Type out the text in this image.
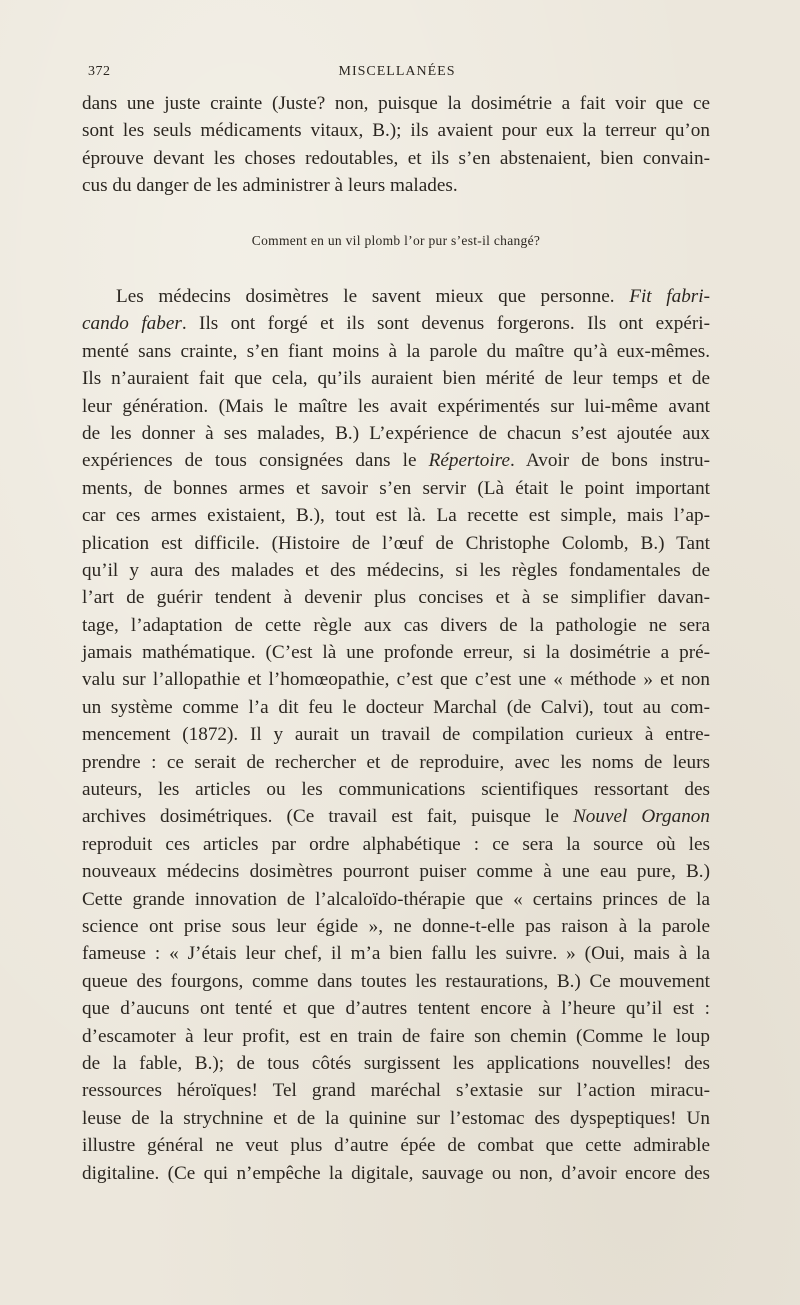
372	MISCELLANÉES
dans une juste crainte (Juste? non, puisque la dosimétrie a fait voir que ce
sont les seuls médicaments vitaux, B.); ils avaient pour eux la terreur qu’on
éprouve devant les choses redoutables, et ils s’en abstenaient, bien convain-
cus du danger de les administrer à leurs malades.
Comment en un vil plomb l’or pur s’est-il changé?
Les médecins dosimètres le savent mieux que personne. Fit fabri-
cando faber. Ils ont forgé et ils sont devenus forgerons. Ils ont expéri-
menté sans crainte, s’en fiant moins à la parole du maître qu’à eux-mêmes.
Ils n’auraient fait que cela, qu’ils auraient bien mérité de leur temps et de
leur génération. (Mais le maître les avait expérimentés sur lui-même avant
de les donner à ses malades, B.) L’expérience de chacun s’est ajoutée aux
expériences de tous consignées dans le Répertoire. Avoir de bons instru-
ments, de bonnes armes et savoir s’en servir (Là était le point important
car ces armes existaient, B.), tout est là. La recette est simple, mais l’ap-
plication est difficile. (Histoire de l’œuf de Christophe Colomb, B.) Tant
qu’il y aura des malades et des médecins, si les règles fondamentales de
l’art de guérir tendent à devenir plus concises et à se simplifier davan-
tage, l’adaptation de cette règle aux cas divers de la pathologie ne sera
jamais mathématique. (C’est là une profonde erreur, si la dosimétrie a pré-
valu sur l’allopathie et l’homœopathie, c’est que c’est une « méthode » et non
un système comme l’a dit feu le docteur Marchal (de Calvi), tout au com-
mencement (1872). Il y aurait un travail de compilation curieux à entre-
prendre : ce serait de rechercher et de reproduire, avec les noms de leurs
auteurs, les articles ou les communications scientifiques ressortant des
archives dosimétriques. (Ce travail est fait, puisque le Nouvel Organon
reproduit ces articles par ordre alphabétique : ce sera la source où les
nouveaux médecins dosimètres pourront puiser comme à une eau pure, B.)
Cette grande innovation de l’alcaloïdo-thérapie que « certains princes de la
science ont prise sous leur égide », ne donne-t-elle pas raison à la parole
fameuse : « J’étais leur chef, il m’a bien fallu les suivre. » (Oui, mais à la
queue des fourgons, comme dans toutes les restaurations, B.) Ce mouvement
que d’aucuns ont tenté et que d’autres tentent encore à l’heure qu’il est :
d’escamoter à leur profit, est en train de faire son chemin (Comme le loup
de la fable, B.); de tous côtés surgissent les applications nouvelles! des
ressources héroïques! Tel grand maréchal s’extasie sur l’action miracu-
leuse de la strychnine et de la quinine sur l’estomac des dyspeptiques! Un
illustre général ne veut plus d’autre épée de combat que cette admirable
digitaline. (Ce qui n’empêche la digitale, sauvage ou non, d’avoir encore des
